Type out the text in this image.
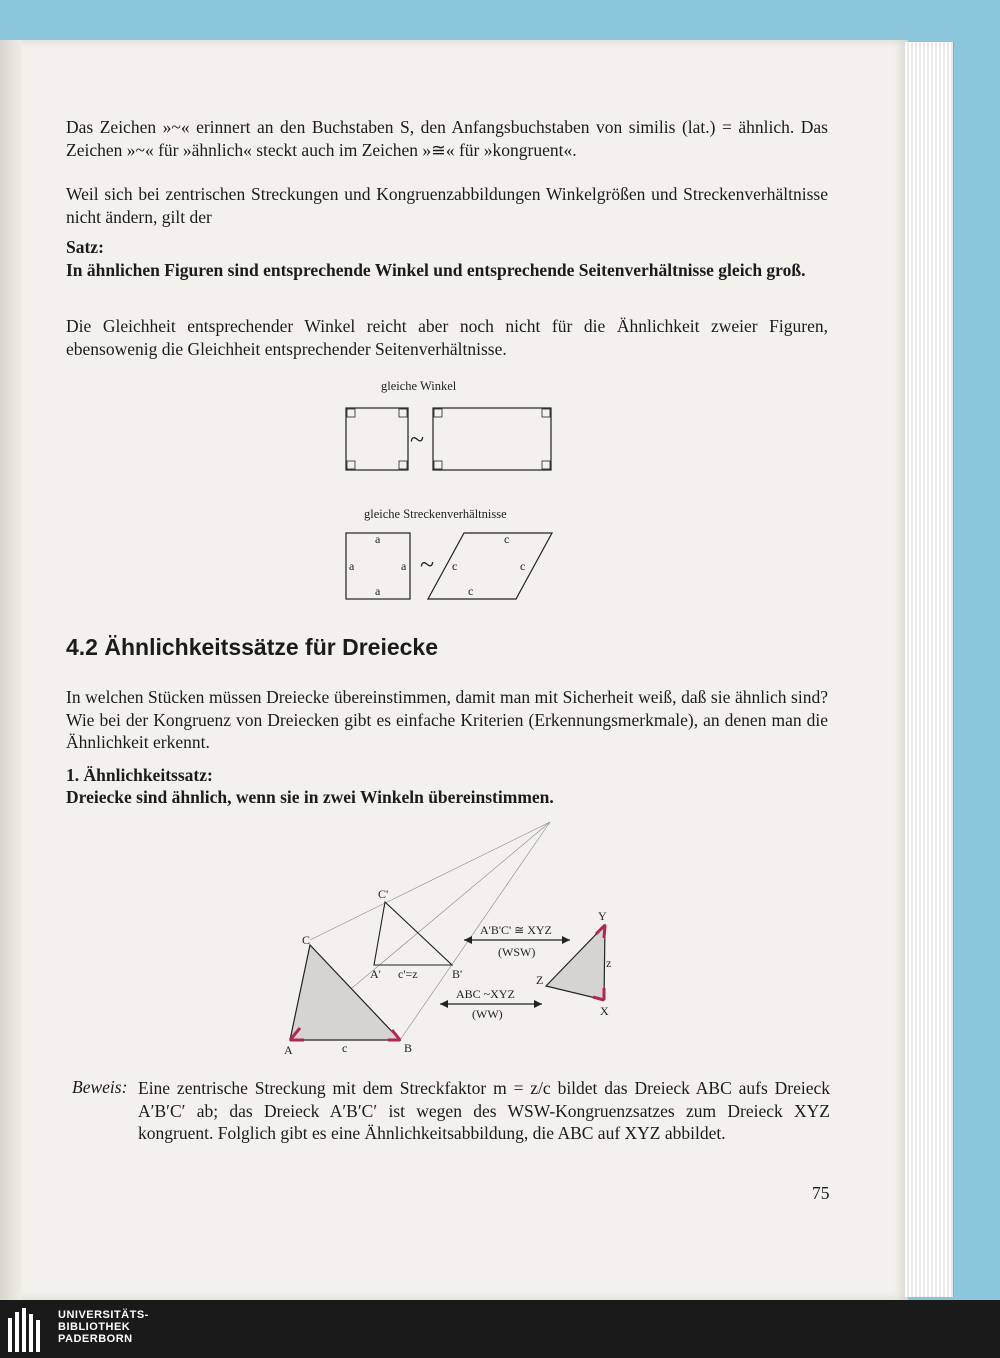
Das Zeichen »~« erinnert an den Buchstaben S, den Anfangsbuchstaben von similis (lat.) = ähnlich. Das Zeichen »~« für »ähnlich« steckt auch im Zeichen »≅« für »kongruent«.
Weil sich bei zentrischen Streckungen und Kongruenzabbildungen Winkelgrößen und Streckenverhältnisse nicht ändern, gilt der
Satz:
In ähnlichen Figuren sind entsprechende Winkel und entsprechende Seitenverhältnisse gleich groß.
Die Gleichheit entsprechender Winkel reicht aber noch nicht für die Ähnlichkeit zweier Figuren, ebensowenig die Gleichheit entsprechender Seitenverhältnisse.
gleiche Winkel
~
gleiche Streckenverhältnisse
a
a	a
a
~
c
c	c
c
4.2 Ähnlichkeitssätze für Dreiecke
In welchen Stücken müssen Dreiecke übereinstimmen, damit man mit Sicherheit weiß, daß sie ähnlich sind? Wie bei der Kongruenz von Dreiecken gibt es einfache Kriterien (Erkennungsmerkmale), an denen man die Ähnlichkeit erkennt.
1. Ähnlichkeitssatz:
Dreiecke sind ähnlich, wenn sie in zwei Winkeln übereinstimmen.
A	B
C
c
A'	B'
C'
c'=z
A'B'C' ≅ XYZ
(WSW)
ABC ~XYZ
(WW)
Y
X
Z
z
Beweis: Eine zentrische Streckung mit dem Streckfaktor m = z/c bildet das Dreieck ABC aufs Dreieck A′B′C′ ab; das Dreieck A′B′C′ ist wegen des WSW-Kongruenzsatzes zum Dreieck XYZ kongruent. Folglich gibt es eine Ähnlichkeitsabbildung, die ABC auf XYZ abbildet.
75
UNIVERSITÄTS-
BIBLIOTHEK
PADERBORN
